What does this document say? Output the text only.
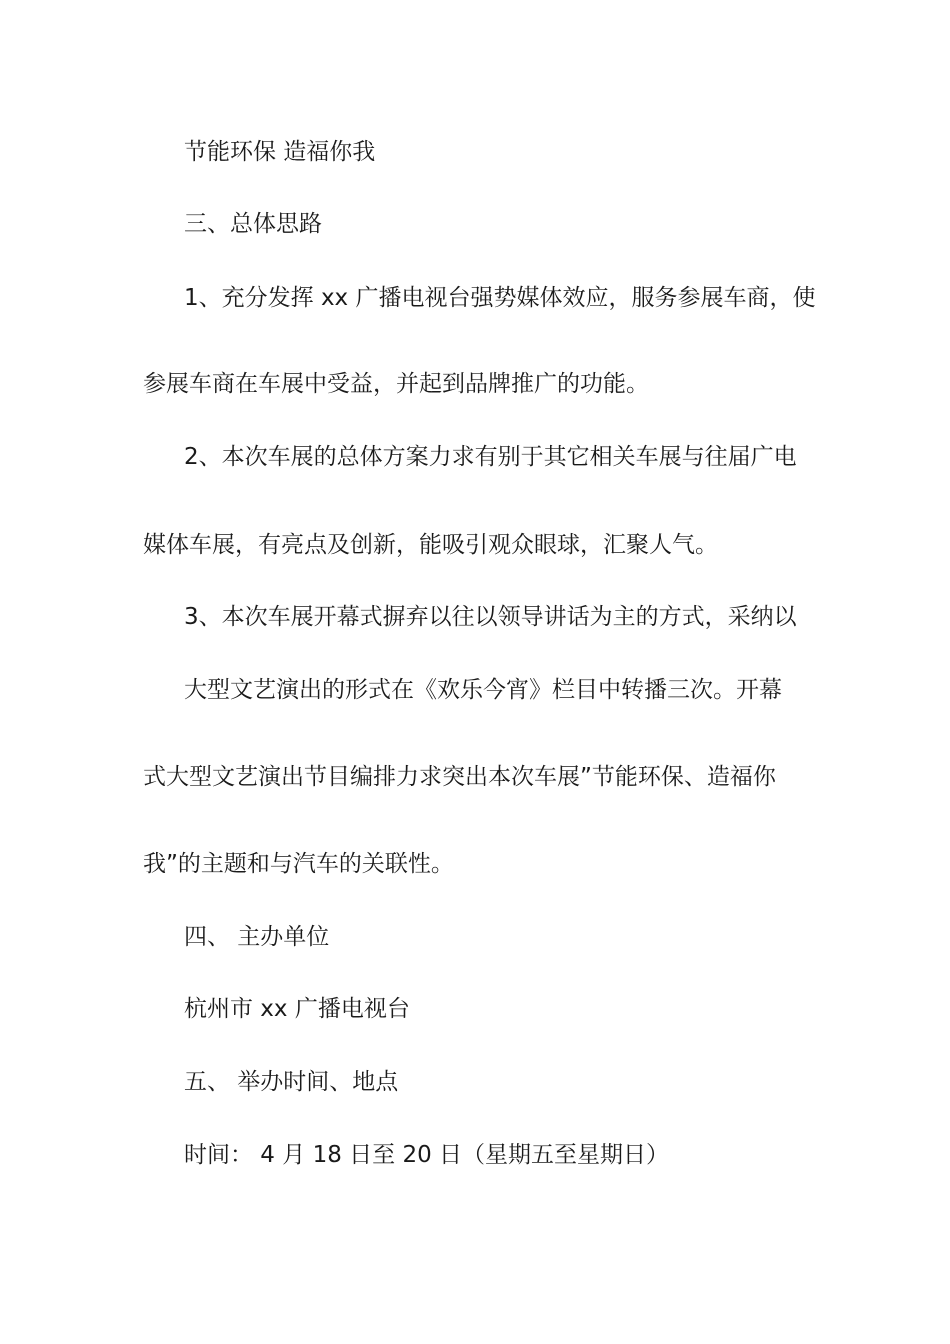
节能环保 造福你我
三、总体思路
1、充分发挥 xx 广播电视台强势媒体效应，服务参展车商，使
参展车商在车展中受益，并起到品牌推广的功能。
2、本次车展的总体方案力求有别于其它相关车展与往届广电
媒体车展，有亮点及创新，能吸引观众眼球，汇聚人气。
3、本次车展开幕式摒弃以往以领导讲话为主的方式，采纳以
大型文艺演出的形式在《欢乐今宵》栏目中转播三次。开幕
式大型文艺演出节目编排力求突出本次车展”节能环保、造福你
我”的主题和与汽车的关联性。
四、 主办单位
杭州市 xx 广播电视台
五、 举办时间、地点
时间： 4 月 18 日至 20 日（星期五至星期日）
